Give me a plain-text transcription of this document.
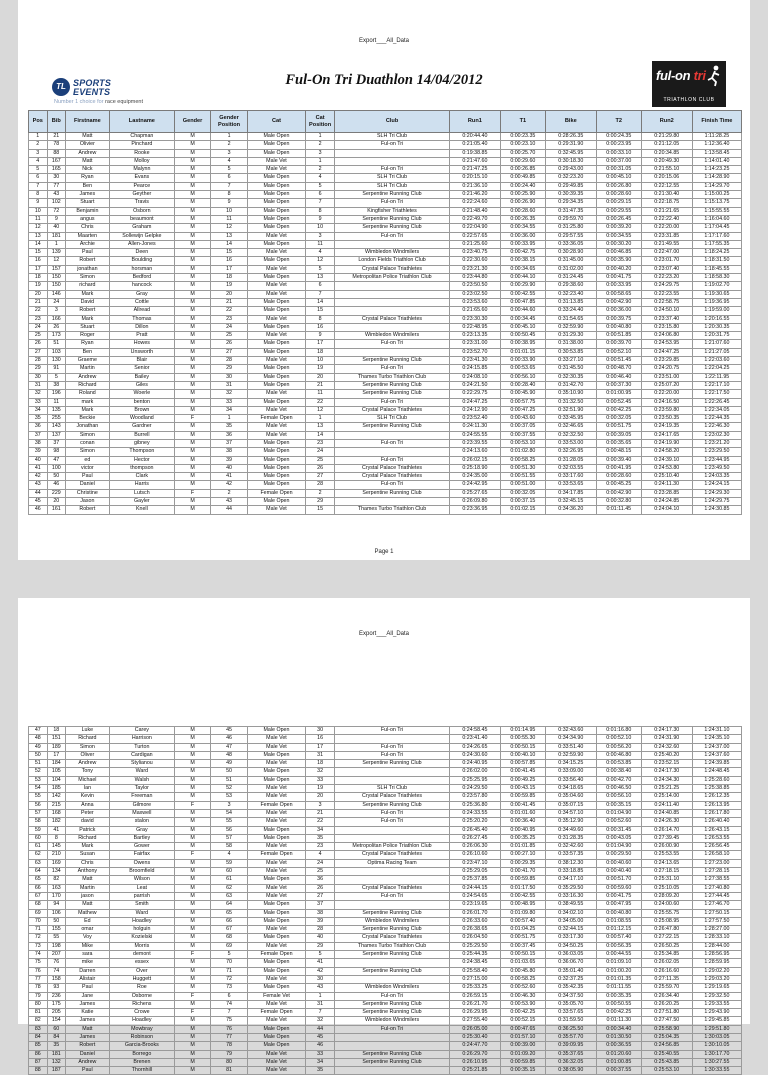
Export___All_Data
TL SPORTS
EVENTS
Number 1 choice for race equipment
Ful-On Tri Duathlon 14/04/2012	ful-on tri
TRIATHLON CLUB
Pos	Bib	Firstname	Lastname	Gender	Gender Position	Cat	Cat Position	Club	Run1	T1	Bike	T2	Run2	Finish Time
1	21	Matt	Chapman	M	1	Male Open	1	SLH Tri Club	0:20:44.40	0:00:23.35	0:28:26.35	0:00:24.35	0:21:29.80	1:11:28.25
2	78	Olivier	Pinchard	M	2	Male Open	2	Ful-on Tri	0:21:05.40	0:00:23.10	0:29:31.90	0:00:23.95	0:21:12.05	1:12:36.40
3	88	Andrew	Rooke	M	3	Male Open	3		0:19:38.85	0:00:25.70	0:32:45.95	0:00:33.10	0:20:34.85	1:13:58.45
4	167	Matt	Molloy	M	4	Male Vet	1		0:21:47.60	0:00:29.60	0:30:18.30	0:00:37.00	0:20:49.30	1:14:01.40
5	165	Nick	Malynn	M	5	Male Vet	2	Ful-on Tri	0:21:47.25	0:00:26.85	0:29:43.00	0:00:31.05	0:21:55.10	1:14:23.25
6	30	Ryan	Evans	M	6	Male Open	4	SLH Tri Club	0:20:15.10	0:00:49.85	0:32:23.20	0:00:45.10	0:20:15.06	1:14:28.90
7	77	Ben	Pearce	M	7	Male Open	5	SLH Tri Club	0:21:36.10	0:00:24.40	0:29:49.85	0:00:26.80	0:22:12.55	1:14:29.70
8	43	James	Geyther	M	8	Male Open	6	Serpentine Running Club	0:21:46.20	0:00:25.90	0:30:39.35	0:00:28.60	0:21:30.40	1:15:00.25
9	102	Stuart	Travis	M	9	Male Open	7	Ful-on Tri	0:22:24.60	0:00:26.90	0:29:34.35	0:00:29.15	0:22:18.75	1:15:13.75
10	72	Benjamin	Osborn	M	10	Male Open	8	Kingfisher Triathletes	0:21:48.40	0:00:28.60	0:31:47.35	0:00:29.55	0:21:21.65	1:15:55.55
11	9	angus	beaumont	M	11	Male Open	9	Serpentine Running Club	0:22:49.70	0:00:26.35	0:29:59.70	0:00:26.45	0:22:22.40	1:16:04.60
12	40	Chris	Graham	M	12	Male Open	10	Serpentine Running Club	0:22:04.90	0:00:34.55	0:31:25.80	0:00:39.20	0:22:20.00	1:17:04.45
13	181	Maarten	Sollewijn Gelpke	M	13	Male Vet	3	Ful-on Tri	0:22:57.65	0:00:36.00	0:29:57.55	0:00:34.55	0:23:31.85	1:17:17.60
14	1	Archie	Allen-Jones	M	14	Male Open	11		0:21:25.60	0:00:33.95	0:33:36.05	0:00:30.20	0:21:49.55	1:17:55.35
15	139	Paul	Deen	M	15	Male Vet	4	Wimbledon Windmilers	0:23:40.75	0:00:42.75	0:30:28.90	0:00:46.85	0:22:47.00	1:18:24.25
16	12	Robert	Boulding	M	16	Male Open	12	London Fields Triathlon Club	0:22:30.60	0:00:38.15	0:31:45.00	0:00:35.90	0:23:01.70	1:18:31.50
17	157	jonathan	horsman	M	17	Male Vet	5	Crystal Palace Triathletes	0:23:21.30	0:00:34.65	0:31:02.00	0:00:40.20	0:23:07.40	1:18:45.55
18	150	Simon	Bedford	M	18	Male Open	13	Metropolitan Police Triathlon Club	0:23:44.80	0:00:44.10	0:31:24.45	0:00:41.75	0:22:23.20	1:18:58.30
19	150	richard	hancock	M	19	Male Vet	6		0:23:50.50	0:00:29.90	0:29:38.60	0:00:33.95	0:24:29.75	1:19:02.70
20	146	Mark	Gray	M	20	Male Vet	7		0:23:02.50	0:00:42.55	0:32:23.40	0:00:58.65	0:22:23.55	1:19:30.65
21	24	David	Cottle	M	21	Male Open	14		0:23:53.60	0:00:47.85	0:31:13.85	0:00:42.90	0:22:58.75	1:19:36.95
22	3	Robert	Allread	M	22	Male Open	15		0:21:65.60	0:00:44.60	0:33:24.40	0:00:36.00	0:24:50.10	1:19:59.00
23	166	Mark	Thomas	M	23	Male Vet	8	Crystal Palace Triathletes	0:23:30.30	0:00:34.45	0:31:54.65	0:00:39.75	0:23:37.40	1:20:16.55
24	26	Stuart	Dillon	M	24	Male Open	16		0:22:48.95	0:00:45.10	0:32:59.90	0:00:40.80	0:23:15.80	1:20:30.35
25	173	Roger	Pratt	M	25	Male Vet	9	Wimbledon Windmilers	0:23:13.35	0:00:50.45	0:31:29.30	0:00:51.85	0:24:06.80	1:20:31.75
26	51	Ryan	Howes	M	26	Male Open	17	Ful-on Tri	0:23:31.00	0:00:38.95	0:31:38.00	0:00:39.70	0:24:53.95	1:21:07.60
27	103	Ben	Unsworth	M	27	Male Open	18		0:23:52.70	0:01:01.15	0:30:53.85	0:00:52.10	0:24:47.25	1:21:27.05
28	130	Graeme	Blair	M	28	Male Vet	10	Serpentine Running Club	0:23:41.30	0:00:33.90	0:33:27.10	0:00:51.45	0:23:29.85	1:22:03.60
29	91	Martin	Senior	M	29	Male Open	19	Ful-on Tri	0:24:15.85	0:00:53.65	0:31:45.50	0:00:48.70	0:24:20.75	1:22:04.25
30	5	Andrew	Bailey	M	30	Male Open	20	Thames Turbo Triathlon Club	0:24:08.10	0:00:56.10	0:32:30.35	0:00:46.40	0:23:51.00	1:22:11.95
31	38	Richard	Giles	M	31	Male Open	21	Serpentine Running Club	0:24:21.50	0:00:28.40	0:31:42.70	0:00:37.30	0:25:07.20	1:22:17.10
32	196	Roland	Woerle	M	32	Male Vet	11	Serpentine Running Club	0:22:29.75	0:00:45.90	0:35:10.90	0:01:00.95	0:22:20.00	1:22:17.50
33	11	mark	benton	M	33	Male Open	22	Ful-on Tri	0:24:47.25	0:00:57.75	0:31:32.50	0:00:52.45	0:24:16.50	1:22:26.45
34	135	Mark	Brown	M	34	Male Vet	12	Crystal Palace Triathletes	0:24:12.90	0:00:47.25	0:32:51.90	0:00:42.25	0:23:59.80	1:22:34.05
35	255	Beckie	Woodland	F	1	Female Open	1	SLH Tri Club	0:23:52.40	0:00:43.60	0:33:45.95	0:00:32.05	0:23:50.35	1:22:44.35
36	143	Jonathan	Gardner	M	35	Male Vet	13	Serpentine Running Club	0:24:11.30	0:00:37.05	0:32:46.65	0:00:51.75	0:24:19.35	1:22:46.30
37	137	Simon	Burrell	M	36	Male Vet	14		0:24:55.55	0:00:37.55	0:32:32.50	0:00:39.05	0:24:17.65	1:23:02.30
38	37	conan	gibney	M	37	Male Open	23	Ful-on Tri	0:23:39.55	0:00:53.10	0:33:53.00	0:00:35.65	0:24:19.90	1:23:21.20
39	98	Simon	Thompson	M	38	Male Open	24		0:24:13.60	0:01:02.80	0:32:26.95	0:00:48.15	0:24:58.20	1:23:29.50
40	47	ed	Hector	M	39	Male Open	25	Ful-on Tri	0:26:02.15	0:00:58.25	0:31:28.05	0:00:39.40	0:24:39.10	1:23:44.95
41	100	victor	thompson	M	40	Male Open	26	Crystal Palace Triathletes	0:25:18.90	0:00:51.30	0:32:03.55	0:00:41.95	0:24:53.80	1:23:49.50
42	50	Paul	Clark	M	41	Male Open	27	Crystal Palace Triathletes	0:24:35.00	0:00:51.55	0:33:17.60	0:00:28.60	0:25:10.40	1:24:03.35
43	46	Daniel	Harris	M	42	Male Open	28	Ful-on Tri	0:24:42.95	0:00:51.00	0:33:53.65	0:00:45.25	0:24:11.30	1:24:24.15
44	229	Christine	Lutsch	F	2	Female Open	2	Serpentine Running Club	0:25:27.65	0:00:32.05	0:34:17.85	0:00:42.90	0:23:28.85	1:24:29.30
45	20	Jason	Gayler	M	43	Male Open	29		0:26:09.80	0:00:37.15	0:32:45.15	0:00:32.80	0:24:24.85	1:24:29.75
46	161	Robert	Knell	M	44	Male Vet	15	Thames Turbo Triathlon Club	0:23:36.95	0:01:02.15	0:34:36.20	0:01:11.45	0:24:04.10	1:24:30.85
Page 1
Export___All_Data
47	18	Luke	Carey	M	45	Male Open	30	Ful-on Tri	0:24:58.45	0:01:14.95	0:32:43.60	0:01:16.80	0:24:17.30	1:24:31.10
48	151	Richard	Harrison	M	46	Male Vet	16		0:23:41.40	0:00:55.30	0:34:34.90	0:00:52.10	0:24:31.90	1:24:35.10
49	189	Simon	Turton	M	47	Male Vet	17	Ful-on Tri	0:24:26.65	0:00:50.15	0:33:51.40	0:00:56.20	0:24:32.60	1:24:37.00
50	17	Oliver	Cardigan	M	48	Male Open	31	Ful-on Tri	0:24:30.60	0:00:40.10	0:32:59.90	0:00:46.80	0:25:40.20	1:24:37.60
51	184	Andrew	Stylianou	M	49	Male Vet	18	Serpentine Running Club	0:24:40.95	0:00:57.85	0:34:15.25	0:00:53.85	0:23:52.15	1:24:39.85
52	105	Tony	Ward	M	50	Male Open	32		0:26:02.00	0:00:41.45	0:33:09.00	0:00:38.40	0:24:17.30	1:24:48.45
53	104	Michael	Walsh	M	51	Male Open	33		0:25:25.95	0:00:49.25	0:33:56.40	0:00:42.70	0:24:34.30	1:25:28.60
54	185	Ian	Taylor	M	52	Male Vet	19	SLH Tri Club	0:24:29.50	0:00:43.15	0:34:18.65	0:00:46.50	0:25:21.25	1:25:38.85
55	142	Kevin	Freeman	M	53	Male Vet	20	Crystal Palace Triathletes	0:23:57.80	0:00:59.85	0:35:04.60	0:00:56.10	0:25:14.00	1:26:12.35
56	215	Anna	Gilmore	F	3	Female Open	3	Serpentine Running Club	0:25:36.80	0:00:41.45	0:35:07.15	0:00:35.15	0:24:11.40	1:26:13.95
57	168	Peter	Maxwell	M	54	Male Vet	21	Ful-on Tri	0:24:33.55	0:01:01.60	0:34:57.10	0:01:04.90	0:24:40.85	1:26:17.80
58	182	david	stalon	M	55	Male Vet	22	Ful-on Tri	0:25:20.20	0:00:36.40	0:35:12.90	0:00:52.60	0:24:26.30	1:26:40.40
59	41	Patrick	Gray	M	56	Male Open	34		0:26:45.40	0:00:40.95	0:34:49.60	0:00:31.45	0:26:14.70	1:26:43.15
60	8	Richard	Bartley	M	57	Male Open	35		0:26:27.45	0:00:35.25	0:31:28.35	0:00:43.05	0:27:39.45	1:26:53.55
61	145	Mark	Gower	M	58	Male Vet	23	Metropolitan Police Triathlon Club	0:26:06.30	0:01:01.85	0:32:42.60	0:01:04.90	0:26:00.90	1:26:56.45
62	210	Susan	Fairfax	F	4	Female Open	4	Crystal Palace Triathletes	0:26:10.60	0:00:27.10	0:33:57.35	0:00:29.50	0:25:53.55	1:26:58.10
63	169	Chris	Owens	M	59	Male Vet	24	Optima Racing Team	0:23:47.10	0:00:29.35	0:38:12.30	0:00:40.60	0:24:13.65	1:27:23.00
64	134	Anthony	Broomfield	M	60	Male Vet	25		0:25:29.05	0:00:41.70	0:33:18.85	0:00:40.40	0:27:18.15	1:27:28.15
65	82	Matt	Wilson	M	61	Male Open	36		0:25:37.85	0:00:59.85	0:34:17.10	0:00:51.70	0:25:31.10	1:27:38.55
66	163	Martin	Leat	M	62	Male Vet	26	Crystal Palace Triathletes	0:24:44.15	0:01:17.50	0:35:29.50	0:00:59.60	0:25:10.05	1:27:40.80
67	170	jason	parrish	M	63	Male Vet	27	Ful-on Tri	0:24:54.65	0:00:42.55	0:33:16.30	0:00:41.75	0:28:09.20	1:27:44.45
68	94	Matt	Smith	M	64	Male Open	37		0:23:19.65	0:00:48.95	0:38:49.55	0:00:47.95	0:24:00.60	1:27:46.70
69	106	Mathew	Ward	M	65	Male Open	38	Serpentine Running Club	0:26:01.70	0:01:09.80	0:34:02.10	0:00:40.80	0:25:55.75	1:27:50.15
70	50	Ed	Hoadley	M	66	Male Open	39	Wimbledon Windmilers	0:26:33.60	0:00:57.40	0:34:05.00	0:01:08.55	0:25:08.95	1:27:57.50
71	155	omar	holguin	M	67	Male Vet	28	Serpentine Running Club	0:26:38.65	0:01:04.25	0:32:44.15	0:01:12.15	0:26:47.80	1:28:27.00
72	55	Voy	Kozielski	M	68	Male Open	40	Crystal Palace Triathletes	0:26:04.50	0:00:51.75	0:33:17.30	0:00:57.40	0:27:22.15	1:28:33.10
73	198	Mike	Morris	M	69	Male Vet	29	Thames Turbo Triathlon Club	0:25:29.50	0:00:37.45	0:34:50.25	0:00:56.35	0:26:50.25	1:28:44.00
74	207	sara	demont	F	5	Female Open	5	Serpentine Running Club	0:25:44.35	0:00:50.15	0:36:03.05	0:00:44.55	0:25:34.85	1:28:56.95
75	76	mike	essex	M	70	Male Open	41		0:24:38.45	0:01:03.65	0:36:06.70	0:01:09.10	0:26:02.05	1:28:59.95
76	74	Darren	Over	M	71	Male Open	42	Serpentine Running Club	0:25:58.40	0:00:45.80	0:35:01.40	0:01:00.20	0:26:16.60	1:29:02.20
77	158	Alistair	Huggett	M	72	Male Vet	30		0:27:15.00	0:00:58.25	0:32:37.25	0:01:01.35	0:27:11.35	1:29:03.20
78	93	Paul	Roe	M	73	Male Open	43	Wimbledon Windmilers	0:25:33.25	0:00:52.60	0:35:42.35	0:01:11.55	0:25:59.70	1:29:19.65
79	236	Jane	Osborne	F	6	Female Vet	1	Ful-on Tri	0:26:59.15	0:00:46.30	0:34:37.50	0:00:35.35	0:26:34.40	1:29:32.50
80	175	James	Richens	M	74	Male Vet	31	Serpentine Running Club	0:26:21.70	0:00:53.90	0:35:05.70	0:00:50.55	0:26:20.25	1:29:33.55
81	205	Katie	Crowe	F	7	Female Open	7	Serpentine Running Club	0:26:29.95	0:00:42.25	0:33:57.65	0:00:42.25	0:27:51.80	1:29:43.90
82	154	James	Hoadley	M	75	Male Vet	32	Wimbledon Windmilers	0:27:55.40	0:00:52.15	0:31:59.50	0:01:11.30	0:27:47.50	1:29:45.85
83	60	Matt	Mowbray	M	76	Male Open	44	Ful-on Tri	0:26:05.00	0:00:47.65	0:36:25.50	0:00:34.40	0:25:58.90	1:29:51.80
84	84	James	Robinson	M	77	Male Open	45		0:25:30.40	0:01:57.10	0:35:57.70	0:01:30.50	0:25:04.35	1:30:03.05
85	35	Robert	Garcia-Brooks	M	78	Male Open	46		0:24:47.70	0:00:39.00	0:39:09.95	0:00:36.55	0:24:56.85	1:30:10.05
86	181	Daniel	Borrego	M	79	Male Vet	33	Serpentine Running Club	0:26:29.70	0:01:09.20	0:35:37.65	0:01:20.60	0:25:40.55	1:30:17.70
87	132	Andrew	Brenen	M	80	Male Vet	34	Serpentine Running Club	0:26:10.95	0:00:59.85	0:36:32.05	0:01:00.85	0:25:43.85	1:30:27.55
88	187	Paul	Thornhill	M	81	Male Vet	35		0:25:21.85	0:00:35.15	0:38:05.90	0:00:37.55	0:25:53.10	1:30:33.55
